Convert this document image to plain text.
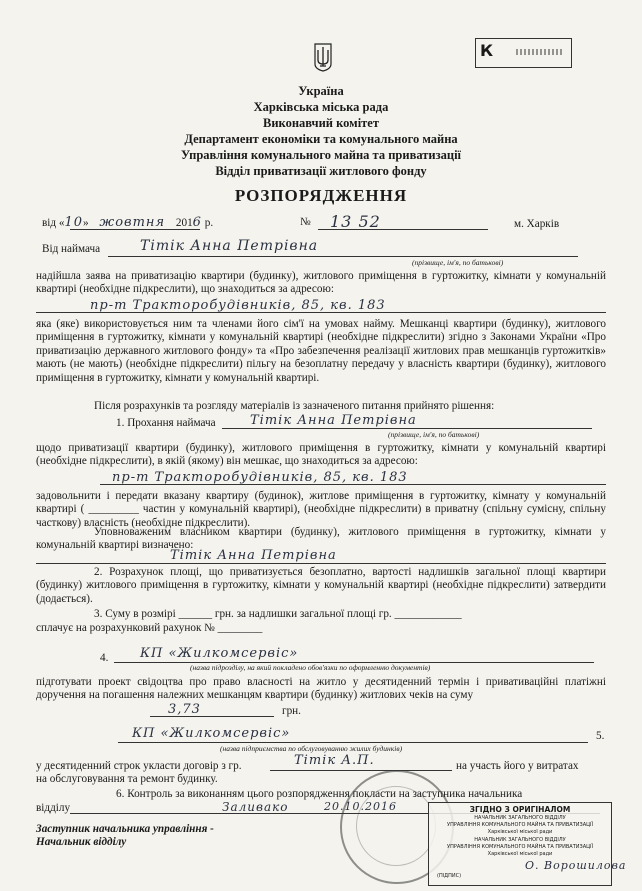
К
Україна
Харківська міська рада
Виконавчий комітет
Департамент економіки та комунального майна
Управління комунального майна та приватизації
Відділ приватизації житлового фонду
РОЗПОРЯДЖЕННЯ
від «10» жовтня 2016 р.	№ 13 52	м. Харків
Від наймача	Тітік Анна Петрівна
(прізвище, ім'я, по батькові)
надійшла заява на приватизацію квартири (будинку), житлового приміщення в гуртожитку, кімнати у комунальній квартирі (необхідне підкреслити), що знаходиться за адресою:
пр-т Тракторобудівників, 85, кв. 183
яка (яке) використовується ним та членами його сім'ї на умовах найму. Мешканці квартири (будинку), житлового приміщення в гуртожитку, кімнати у комунальній квартирі (необхідне підкреслити) згідно з Законами України «Про приватизацію державного житлового фонду» та «Про забезпечення реалізації житлових прав мешканців гуртожитків» мають (не мають) (необхідне підкреслити) пільгу на безоплатну передачу у власність квартири (будинку), житлового приміщення в гуртожитку, кімнати у комунальній квартирі.
Після розрахунків та розгляду матеріалів із зазначеного питання прийнято рішення:
1. Прохання наймача	Тітік Анна Петрівна
(прізвище, ім'я, по батькові)
щодо приватизації квартири (будинку), житлового приміщення в гуртожитку, кімнати у комунальній квартирі (необхідне підкреслити), в якій (якому) він мешкає, що знаходиться за адресою:
пр-т Тракторобудівників, 85, кв. 183
задовольнити і передати вказану квартиру (будинок), житлове приміщення в гуртожитку, кімнату у комунальній квартирі ( _________ частин у комунальній квартирі), (необхідне підкреслити) в приватну (спільну сумісну, спільну часткову) власність (необхідне підкреслити).
Уповноваженим власником квартири (будинку), житлового приміщення в гуртожитку, кімнати у комунальній квартирі визначено:
Тітік Анна Петрівна
2. Розрахунок площі, що приватизується безоплатно, вартості надлишків загальної площі квартири (будинку) житлового приміщення в гуртожитку, кімнати у комунальній квартирі (необхідне підкреслити) затвердити (додається).
3. Суму в розмірі ______ грн. за надлишки загальної площі гр. ____________
сплачує на розрахунковий рахунок № ________
4. КП «Жилкомсервіс»
(назва підрозділу, на який покладено обов'язки по оформленню документів)
підготувати проект свідоцтва про право власності на житло у десятиденний термін і привативаційні платіжні доручення на погашення належних мешканцям квартири (будинку) житлових чеків на суму
3,73	грн.
КП «Жилкомсервіс»	5.
(назва підприємства по обслуговуванню жилих будинків)
у десятиденний строк укласти договір з гр.	Тітік А.П.	на участь його у витратах
на обслуговування та ремонт будинку.
6. Контроль за виконанням цього розпорядження покласти на заступника начальника
відділу	Заливако	20.10.2016
Заступник начальника управління -
Начальник відділу
ЗГІДНО З ОРИГІНАЛОМ
НАЧАЛЬНИК ЗАГАЛЬНОГО ВІДДІЛУ
УПРАВЛІННЯ КОМУНАЛЬНОГО МАЙНА ТА ПРИВАТИЗАЦІЇ
Харківської міської ради
НАЧАЛЬНИК ЗАГАЛЬНОГО ВІДДІЛУ
УПРАВЛІННЯ КОМУНАЛЬНОГО МАЙНА ТА ПРИВАТИЗАЦІЇ
Харківської міської ради
(ПІДПИС)
О. Ворошилова
